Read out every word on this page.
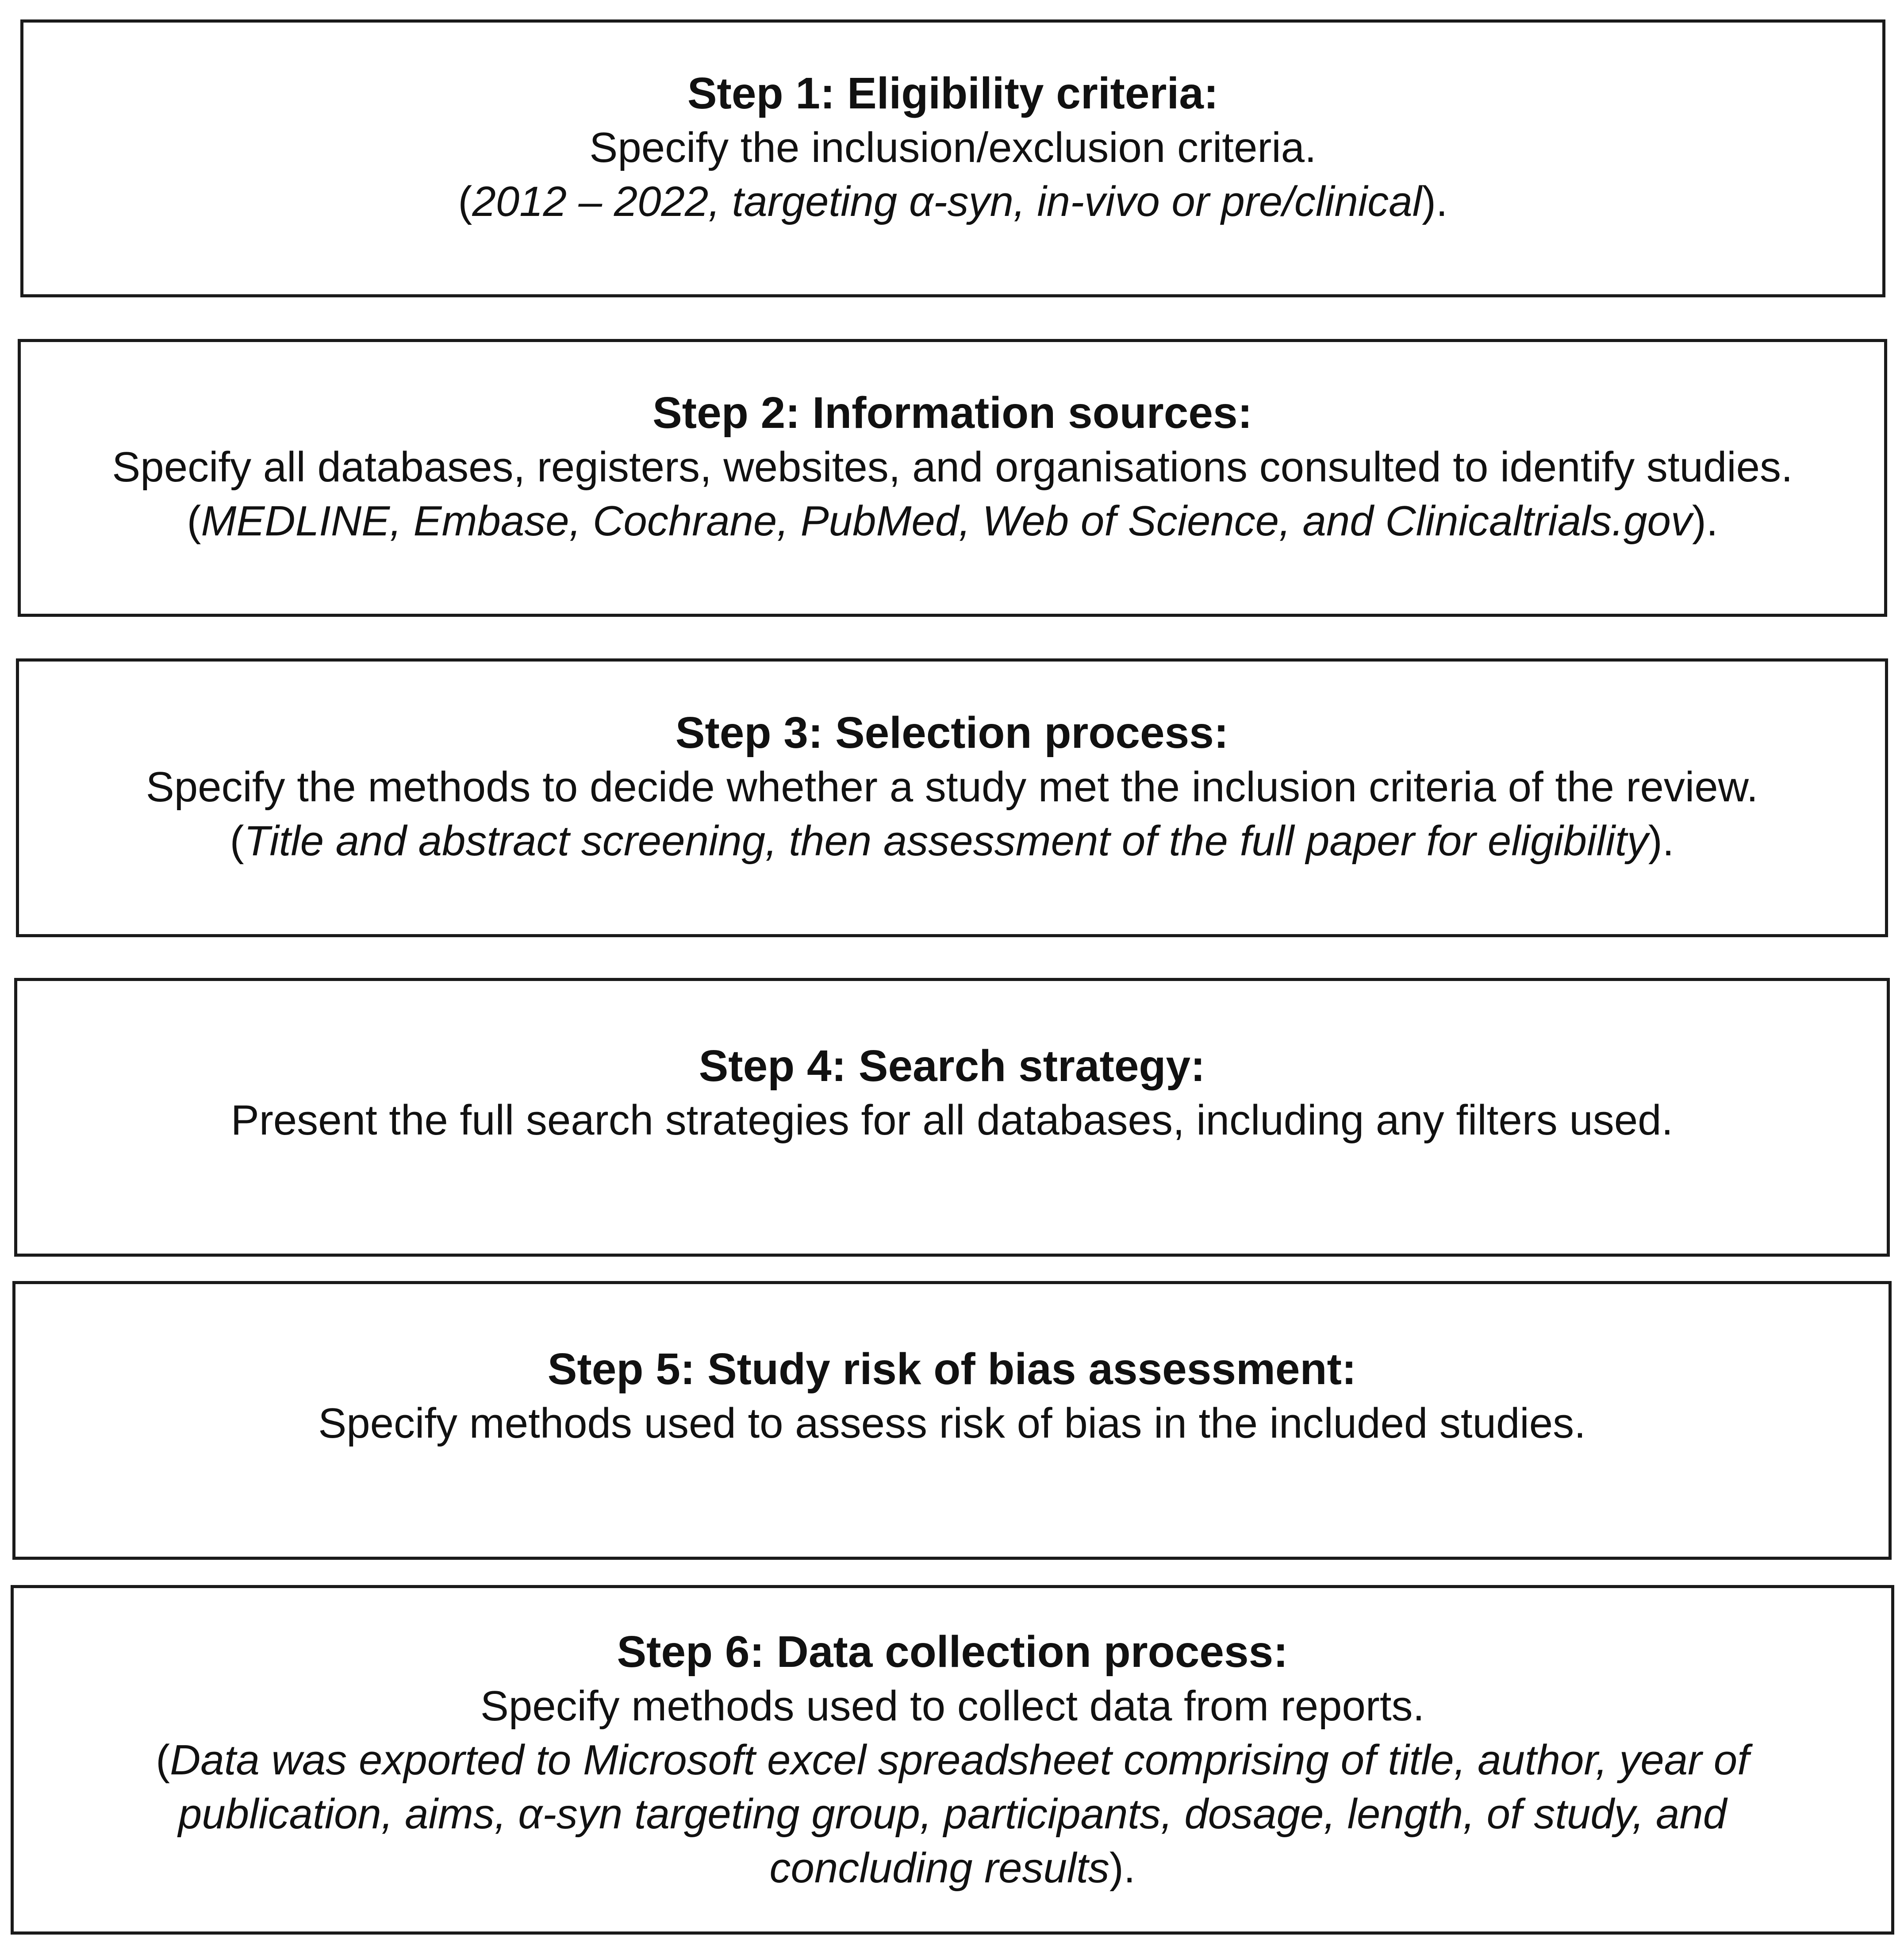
Step 1: Eligibility criteria:

Specify the inclusion/exclusion criteria.

(2012 – 2022, targeting α-syn, in-vivo or pre/clinical).

Step 2: Information sources:

Specify all databases, registers, websites, and organisations consulted to identify studies.

(MEDLINE, Embase, Cochrane, PubMed, Web of Science, and Clinicaltrials.gov).

Step 3: Selection process:

Specify the methods to decide whether a study met the inclusion criteria of the review.

(Title and abstract screening, then assessment of the full paper for eligibility).

Step 4: Search strategy:

Present the full search strategies for all databases, including any filters used.

Step 5: Study risk of bias assessment:

Specify methods used to assess risk of bias in the included studies.

Step 6: Data collection process:

Specify methods used to collect data from reports.

(Data was exported to Microsoft excel spreadsheet comprising of title, author, year of

publication, aims, α-syn targeting group, participants, dosage, length, of study, and

concluding results).
